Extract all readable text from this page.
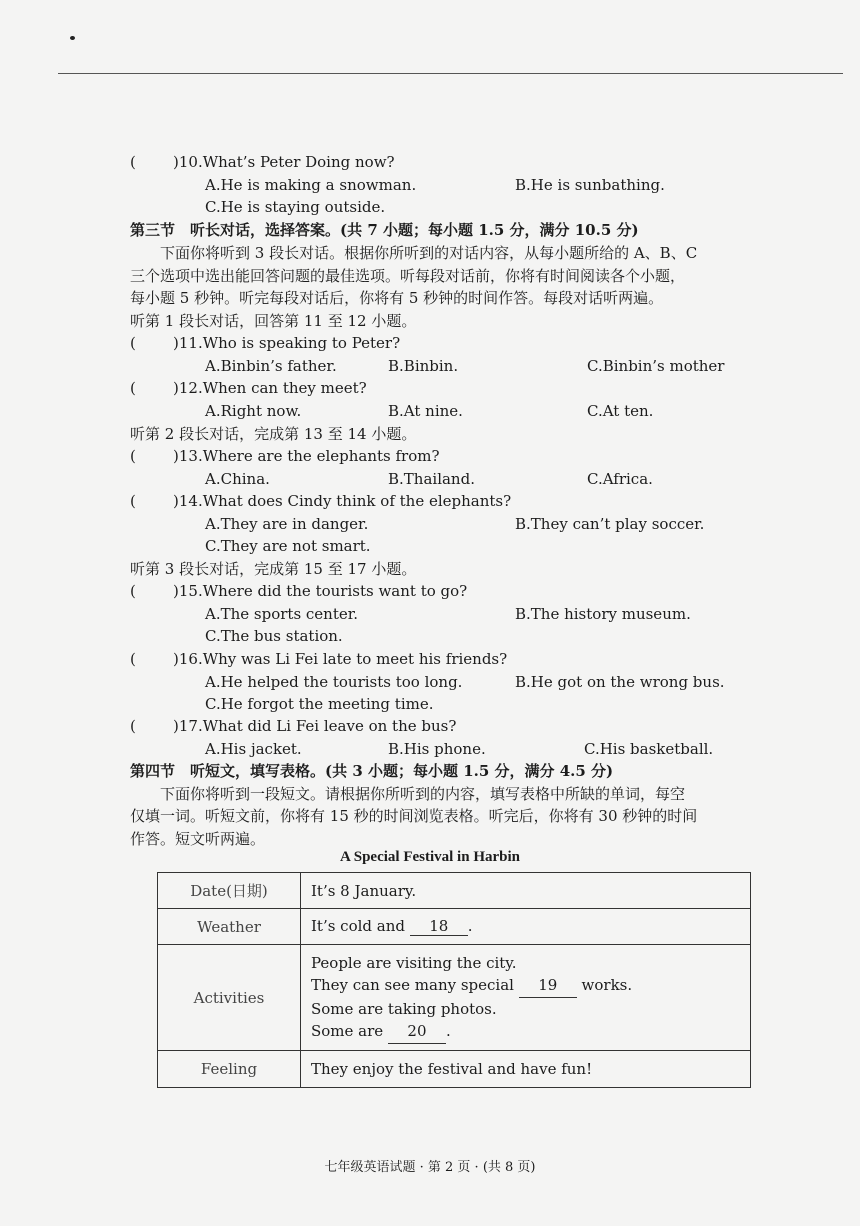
( )10.What’s Peter Doing now?
A.He is making a snowman.	B.He is sunbathing.
C.He is staying outside.
第三节　听长对话，选择答案。(共 7 小题；每小题 1.5 分，满分 10.5 分)
下面你将听到 3 段长对话。根据你所听到的对话内容，从每小题所给的 A、B、C
三个选项中选出能回答问题的最佳选项。听每段对话前，你将有时间阅读各个小题，
每小题 5 秒钟。听完每段对话后，你将有 5 秒钟的时间作答。每段对话听两遍。
听第 1 段长对话，回答第 11 至 12 小题。
( )11.Who is speaking to Peter?
A.Binbin’s father.	B.Binbin.	C.Binbin’s mother
( )12.When can they meet?
A.Right now.	B.At nine.	C.At ten.
听第 2 段长对话，完成第 13 至 14 小题。
( )13.Where are the elephants from?
A.China.	B.Thailand.	C.Africa.
( )14.What does Cindy think of the elephants?
A.They are in danger.	B.They can’t play soccer.
C.They are not smart.
听第 3 段长对话，完成第 15 至 17 小题。
( )15.Where did the tourists want to go?
A.The sports center.	B.The history museum.
C.The bus station.
( )16.Why was Li Fei late to meet his friends?
A.He helped the tourists too long.	B.He got on the wrong bus.
C.He forgot the meeting time.
( )17.What did Li Fei leave on the bus?
A.His jacket.	B.His phone.	C.His basketball.
第四节　听短文，填写表格。(共 3 小题；每小题 1.5 分，满分 4.5 分)
下面你将听到一段短文。请根据你所听到的内容，填写表格中所缺的单词，每空
仅填一词。听短文前，你将有 15 秒的时间浏览表格。听完后，你将有 30 秒钟的时间
作答。短文听两遍。
A Special Festival in Harbin
Date(日期)	It’s 8 January.
Weather	It’s cold and 18 .
Activities	People are visiting the city.
They can see many special 19 works.
Some are taking photos.
Some are 20 .

Feeling	They enjoy the festival and have fun!
七年级英语试题 · 第 2 页 · (共 8 页)
